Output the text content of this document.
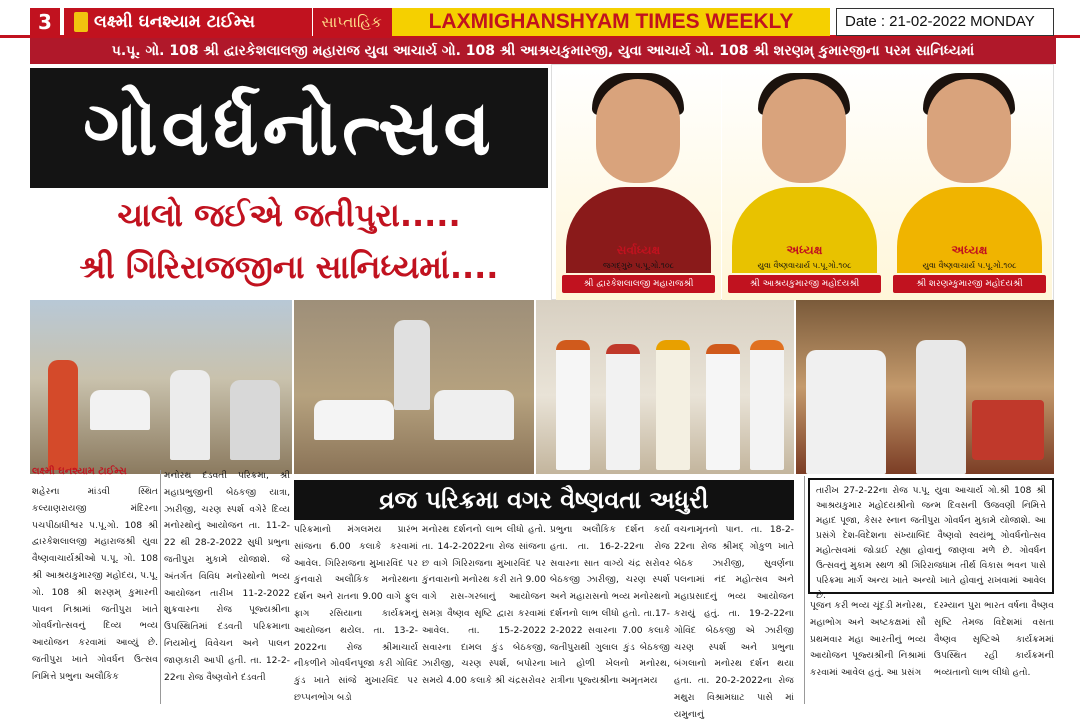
3	લક્ષ્મી ઘનશ્યામ ટાઈમ્સ	LAXMIGHANSHYAM TIMES WEEKLY
સાપ્તાહિક	Date : 21-02-2022 MONDAY
પ.પૂ. ગો. 108 શ્રી દ્વારકેશલાલજી મહારાજ યુવા આચાર્ય ગો. 108 શ્રી આશ્રયકુમારજી, યુવા આચાર્ય ગો. 108 શ્રી શરણમ્ કુમારજીના પરમ સાનિધ્યમાં
ગોવર્ધનોત્સવ
ચાલો જઈએ જતીપુરા.....
શ્રી ગિરિરાજજીના સાનિધ્યમાં....	સર્વાધ્યક્ષ
જગદ્ગુરુ પ.પૂ.ગો.૧૦૮
શ્રી દ્વારકેશલાલજી મહારાજશ્રી
અધ્યક્ષ
યુવા વૈષ્ણવાચાર્ય પ.પૂ.ગો.૧૦૮
શ્રી આશ્રયકુમારજી મહોદયશ્રી
અધ્યક્ષ
યુવા વૈષ્ણવાચાર્ય પ.પૂ.ગો.૧૦૮
શ્રી શરણમ્કુમારજી મહોદયશ્રી
લક્ષ્મી ઘનશ્યામ ટાઈમ્સ
વ્રજ પરિક્રમા વગર વૈષ્ણવતા અધુરી
શહેરના માંડવી સ્થિત કલ્યાણરાયજી મંદિરના પચપીઠાધીશ્વર પ.પૂ.ગો. 108 શ્રી દ્વારકેશલાલજી મહારાજશ્રી યુવા વૈષ્ણવાચાર્યશ્રીઓ પ.પૂ. ગો. 108 શ્રી આશ્રયકુમારજી મહોદય, પ.પૂ. ગો. 108 શ્રી શરણમ્ કુમારની પાવન નિશ્રામાં જતીપુરા ખાતે ગોવર્ધનોત્સવનું દિવ્ય ભવ્ય આયોજન કરવામાં આવ્યું છે. જતીપુરા ખાતે ગોવર્ધન ઉત્સવ નિમિત્તે પ્રભુના અલૌકિક
મનોરથ દંડવતી પરિક્રમા, શ્રી મહાપ્રભુજીની બેઠકજી યાત્રા, ઝારીજી, ચરણ સ્પર્શ વગેરે દિવ્ય મનોરથોનું આયોજન તા. 11-2-22 થી 28-2-2022 સુધી પ્રભુના જતીપુરા મુકામે યોજાશે. જે અંતર્ગત વિવિધ મનોરથોનો ભવ્ય આયોજન તારીખ 11-2-2022 શુક્રવારના રોજ પૂજ્યશ્રીના ઉપસ્થિતિમાં દંડવતી પરિક્રમાના નિયમોનું વિવેચન અને પાલન જાણકારી આપી હતી. તા. 12-2-22ના રોજ વૈષ્ણવોને દંડવતી
પરિક્રમાનો મંગલમય પ્રારંભ સાંજના 6.00 કલાકે કરવામાં આવેલ. ગિરિરાજના મુખારવિંદ પર કુંનવારો અલૌકિક મનોરથના દર્શન અને રાતના 9.00 વાગે ફુલ ફાગ રસિયાના કાર્યક્રમનું આયોજન થયેલ. તા. 13-2-2022ના રોજ શ્રીમાચાર્ય નીકળીને ગોવર્ધનપૂજા કરી ગોવિંદ કુંડ ખાતે સાંજે મુખારવિંદ પર છપ્પનભોગ બડો
મનોરથ દર્શનનો લાભ લીધો હતો. તા. 14-2-2022ના રોજ સાંજના છ વાગે ગિરિરાજના મુખારવિંદ પર કુંનવારાનો મનોરથ કરી રાતે 9.00 વાગે રાસ-ગરબાનું આયોજન સમગ્ર વૈષ્ણવ સૃષ્ટિ દ્વારા કરવામાં આવેલ. તા. 15-2-2022 સવારના દામલ કુંડ બેઠકજી, ઝારીજી, ચરણ સ્પર્શ, બપોરના સમયે 4.00 કલાકે શ્રી ચંદ્રસરોવર
પ્રભુના અલૌકિક દર્શન કર્યા હતા. તા. 16-2-22ના રોજ સવારના સાત વાગ્યે ચંદ્ર સરોવર બેઠકજી ઝારીજી, ચરણ સ્પર્શ અને મહારાસનો ભવ્ય મનોરથનો દર્શનનો લાભ લીધો હતો. તા.17-2-2022 સવારના 7.00 કલાકે જતીપુરાથી ગુલાલ કુંડ બેઠકજી ખાતે હોળી ખેલનો મનોરથ, રાત્રીના પૂજ્યશ્રીના અમૃતમય
વચનામૃતનો પાન. તા. 18-2-22ના રોજ શ્રીમદ્ ગોકુળ ખાતે બેઠક ઝારીજી, સુવર્ણના પલનામાં નંદ મહોત્સવ અને મહાપ્રસાદનું ભવ્ય આયોજન કરાયું હતું. તા. 19-2-22ના ગોવિંદ બેઠકજી એ ઝારીજી ચરણ સ્પર્શ અને પ્રભુના બંગલાનો મનોરથ દર્શન થયા હતા. તા. 20-2-2022ના રોજ મથુરા વિશ્રામઘાટ પાસે માં યમુનાનું
તારીખ 27-2-22ના રોજ પ.પૂ. યુવા આચાર્ય ગો.શ્રી 108 શ્રી આશ્રયકુમાર મહોદયશ્રીનો જન્મ દિવસની ઉજવણી નિમિત્તે મહાદ પૂજા, કેસર સ્નાન જતીપુરા ગોવર્ધન મુકામે યોજાશે. આ પ્રસંગે દેશ-વિદેશના સંખ્યાબિંદ વૈષ્ણવો સ્વયંભૂ ગોવર્ધનોત્સવ મહોત્સવમાં જોડાઈ રહ્યા હોવાનું જાણવા મળે છે. ગોવર્ધન ઉત્સવનું મુકામ સ્થળ શ્રી ગિરિરાજધામ તીર્થ વિકાસ ભવન પાસે પરિક્રમા માર્ગ અન્ય ખાતે અન્યો ખાતે હોવાનું રાખવામાં આવેલ છે.
પૂજન કરી ભવ્ય ચૂંદડી મનોરથ, મહાભોગ અને અષ્ટકક્ષમાં સૌ પ્રથમવાર મહા આરતીનું ભવ્ય આયોજન પૂજ્યશ્રીની નિશ્રામાં કરવામાં આવેલ હતું. આ પ્રસંગ
દરમ્યાન પુરા ભારત વર્ષના વૈષ્ણવ સૃષ્ટિ તેમજ વિદેશમાં વસતા વૈષ્ણવ સૃષ્ટિએ કાર્યક્રમમાં ઉપસ્થિત રહી કાર્યક્રમની ભવ્યતાનો લાભ લીધો હતો.
